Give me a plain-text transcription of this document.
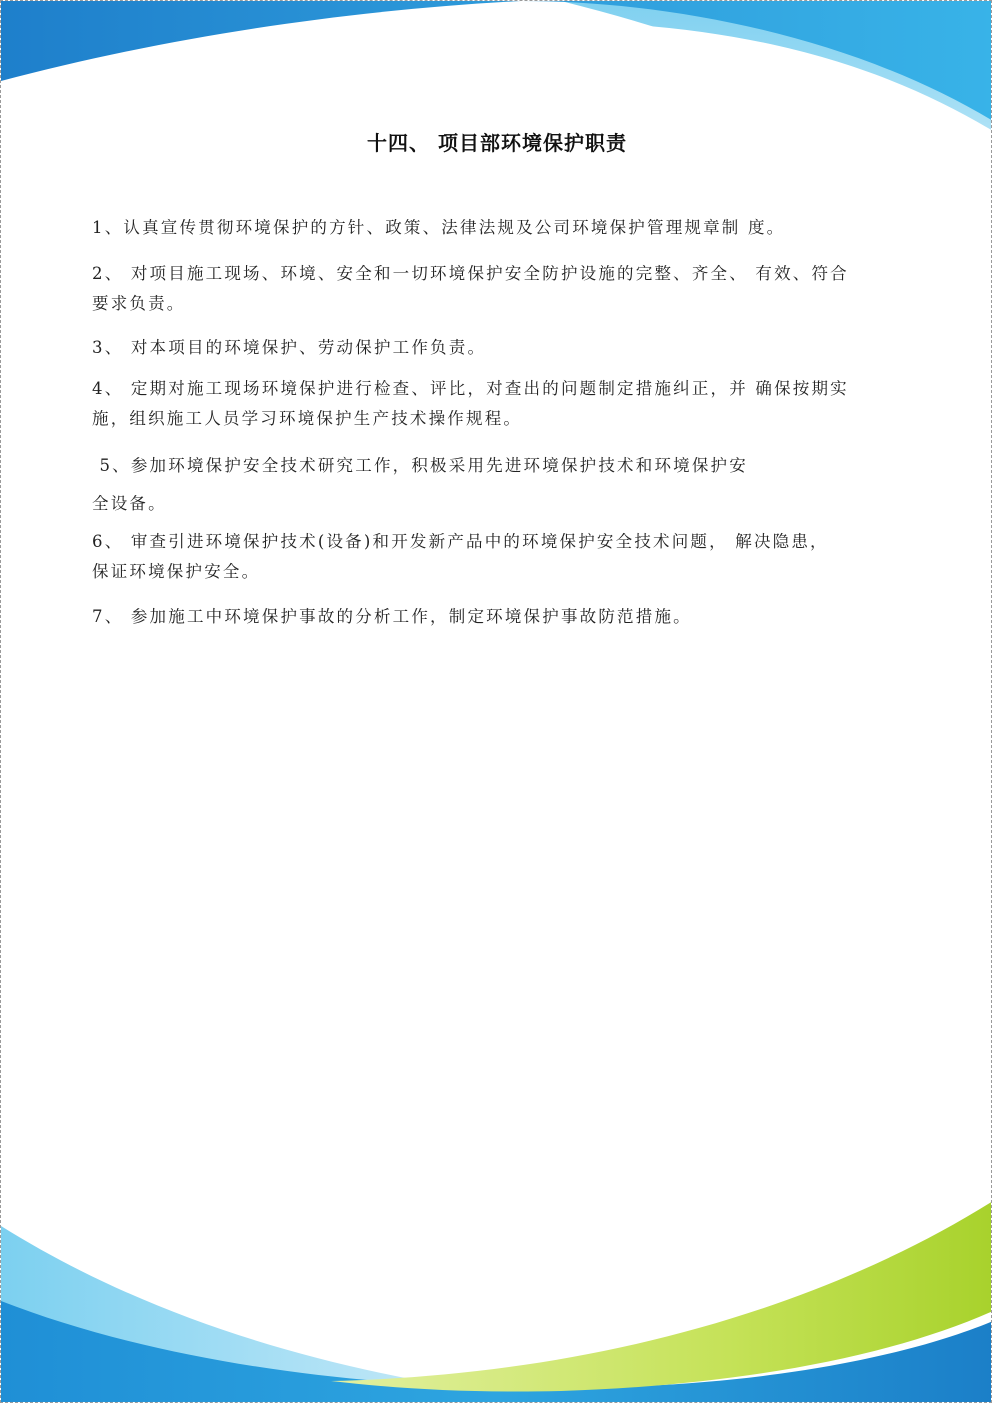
十四、 项目部环境保护职责
1、认真宣传贯彻环境保护的方针、政策、法律法规及公司环境保护管理规章制 度。
2、 对项目施工现场、环境、安全和一切环境保护安全防护设施的完整、齐全、 有效、符合
要求负责。
3、 对本项目的环境保护、劳动保护工作负责。
4、 定期对施工现场环境保护进行检查、评比，对查出的问题制定措施纠正，并 确保按期实
施，组织施工人员学习环境保护生产技术操作规程。
5、参加环境保护安全技术研究工作，积极采用先进环境保护技术和环境保护安
全设备。
6、 审查引进环境保护技术(设备)和开发新产品中的环境保护安全技术问题， 解决隐患，
保证环境保护安全。
7、 参加施工中环境保护事故的分析工作，制定环境保护事故防范措施。
